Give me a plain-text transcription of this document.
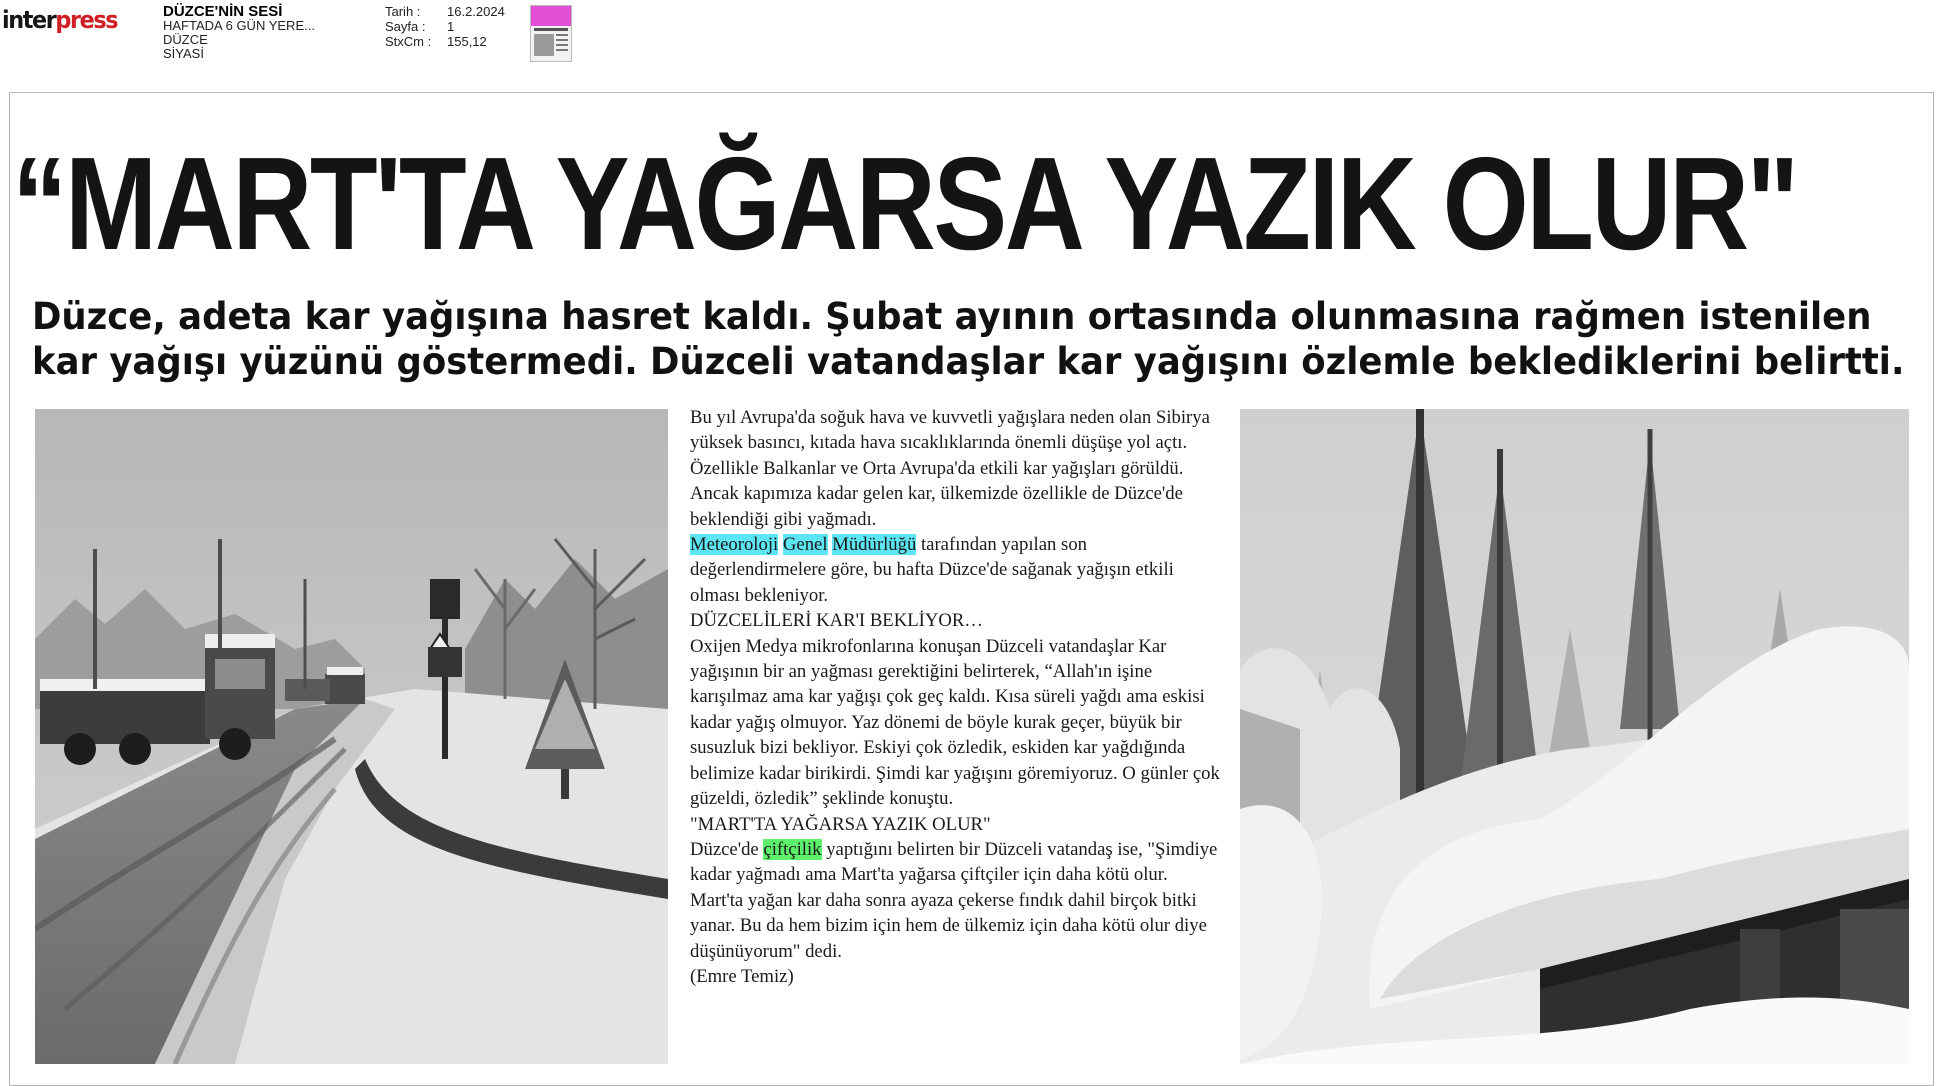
interpress	DÜZCE'NİN SESİ
HAFTADA 6 GÜN YERE...
DÜZCE
SİYASİ
Tarih :	16.2.2024
Sayfa :	1
StxCm :	155,12
“MART'TA YAĞARSA YAZIK OLUR"
Düzce, adeta kar yağışına hasret kaldı. Şubat ayının ortasında olunmasına rağmen istenilen
kar yağışı yüzünü göstermedi. Düzceli vatandaşlar kar yağışını özlemle beklediklerini belirtti.

Bu yıl Avrupa'da soğuk hava ve kuvvetli yağışlara neden olan Sibirya yüksek basıncı, kıtada hava sıcaklıklarında önemli düşüşe yol açtı. Özellikle Balkanlar ve Orta Avrupa'da etkili kar yağışları görüldü. Ancak kapımıza kadar gelen kar, ülkemizde özellikle de Düzce'de beklendiği gibi yağmadı.

Meteoroloji Genel Müdürlüğü tarafından yapılan son değerlendirmelere göre, bu hafta Düzce'de sağanak yağışın etkili olması bekleniyor.

DÜZCELİLERİ KAR'I BEKLİYOR…

Oxijen Medya mikrofonlarına konuşan Düzceli vatandaşlar Kar yağışının bir an yağması gerektiğini belirterek, “Allah'ın işine karışılmaz ama kar yağışı çok geç kaldı. Kısa süreli yağdı ama eskisi kadar yağış olmuyor. Yaz dönemi de böyle kurak geçer, büyük bir susuzluk bizi bekliyor. Eskiyi çok özledik, eskiden kar yağdığında belimize kadar birikirdi. Şimdi kar yağışını göremiyoruz. O günler çok güzeldi, özledik” şeklinde konuştu.

"MART'TA YAĞARSA YAZIK OLUR"

Düzce'de çiftçilik yaptığını belirten bir Düzceli vatandaş ise, "Şimdiye kadar yağmadı ama Mart'ta yağarsa çiftçiler için daha kötü olur. Mart'ta yağan kar daha sonra ayaza çekerse fındık dahil birçok bitki yanar. Bu da hem bizim için hem de ülkemiz için daha kötü olur diye düşünüyorum" dedi.

(Emre Temiz)
